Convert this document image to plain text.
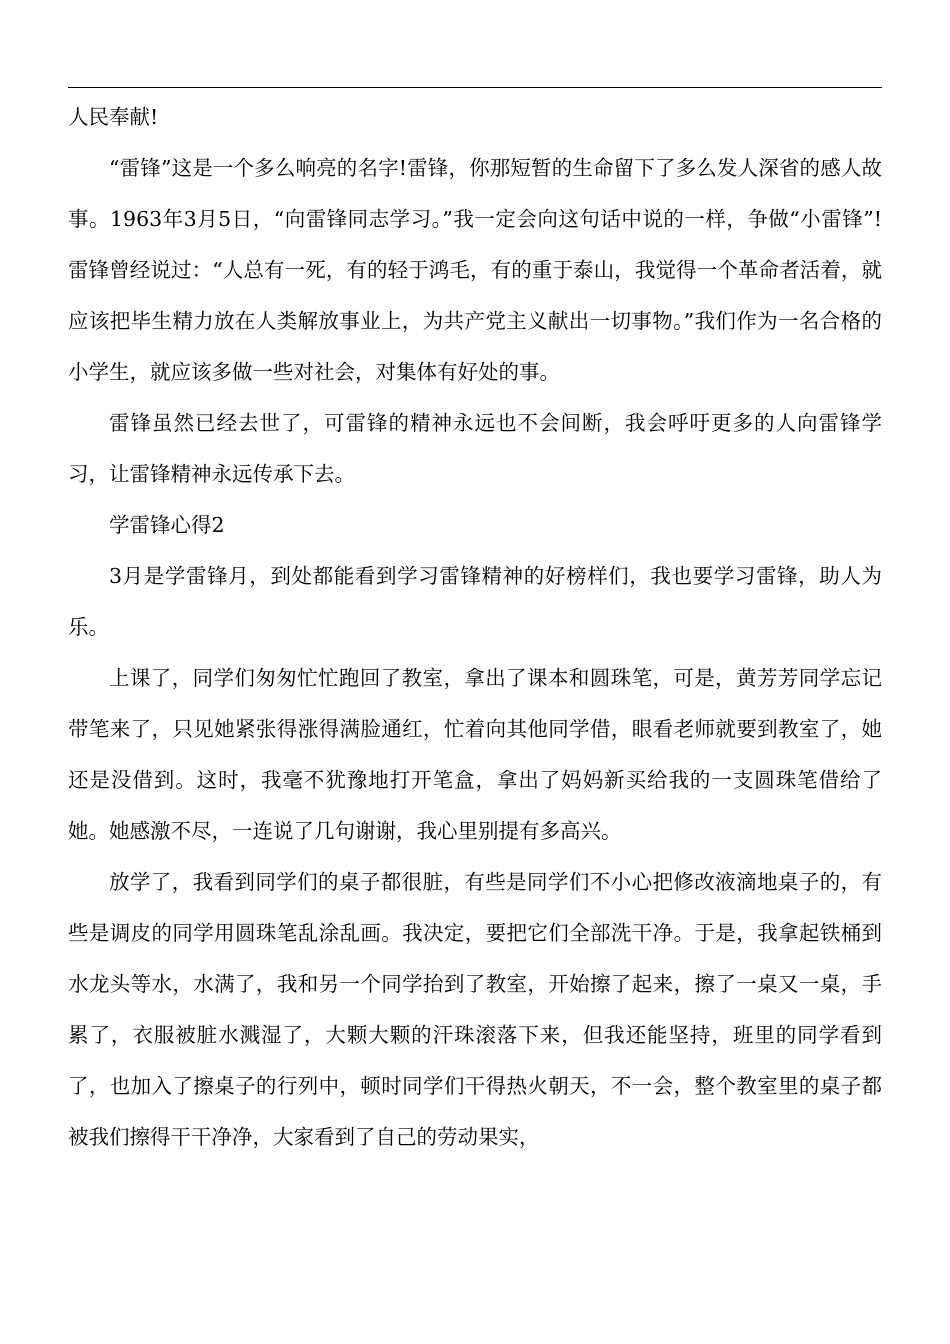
人民奉献!

“雷锋”这是一个多么响亮的名字!雷锋，你那短暂的生命留下了多么发人深省的感人故事。1963年3月5日，“向雷锋同志学习。”我一定会向这句话中说的一样，争做“小雷锋”!雷锋曾经说过：“人总有一死，有的轻于鸿毛，有的重于泰山，我觉得一个革命者活着，就应该把毕生精力放在人类解放事业上，为共产党主义献出一切事物。”我们作为一名合格的小学生，就应该多做一些对社会，对集体有好处的事。

雷锋虽然已经去世了，可雷锋的精神永远也不会间断，我会呼吁更多的人向雷锋学习，让雷锋精神永远传承下去。

学雷锋心得2

3月是学雷锋月，到处都能看到学习雷锋精神的好榜样们，我也要学习雷锋，助人为乐。

上课了，同学们匆匆忙忙跑回了教室，拿出了课本和圆珠笔，可是，黄芳芳同学忘记带笔来了，只见她紧张得涨得满脸通红，忙着向其他同学借，眼看老师就要到教室了，她还是没借到。这时，我毫不犹豫地打开笔盒，拿出了妈妈新买给我的一支圆珠笔借给了她。她感激不尽，一连说了几句谢谢，我心里别提有多高兴。

放学了，我看到同学们的桌子都很脏，有些是同学们不小心把修改液滴地桌子的，有些是调皮的同学用圆珠笔乱涂乱画。我决定，要把它们全部洗干净。于是，我拿起铁桶到水龙头等水，水满了，我和另一个同学抬到了教室，开始擦了起来，擦了一桌又一桌，手累了，衣服被脏水溅湿了，大颗大颗的汗珠滚落下来，但我还能坚持，班里的同学看到了，也加入了擦桌子的行列中，顿时同学们干得热火朝天，不一会，整个教室里的桌子都被我们擦得干干净净，大家看到了自己的劳动果实，
